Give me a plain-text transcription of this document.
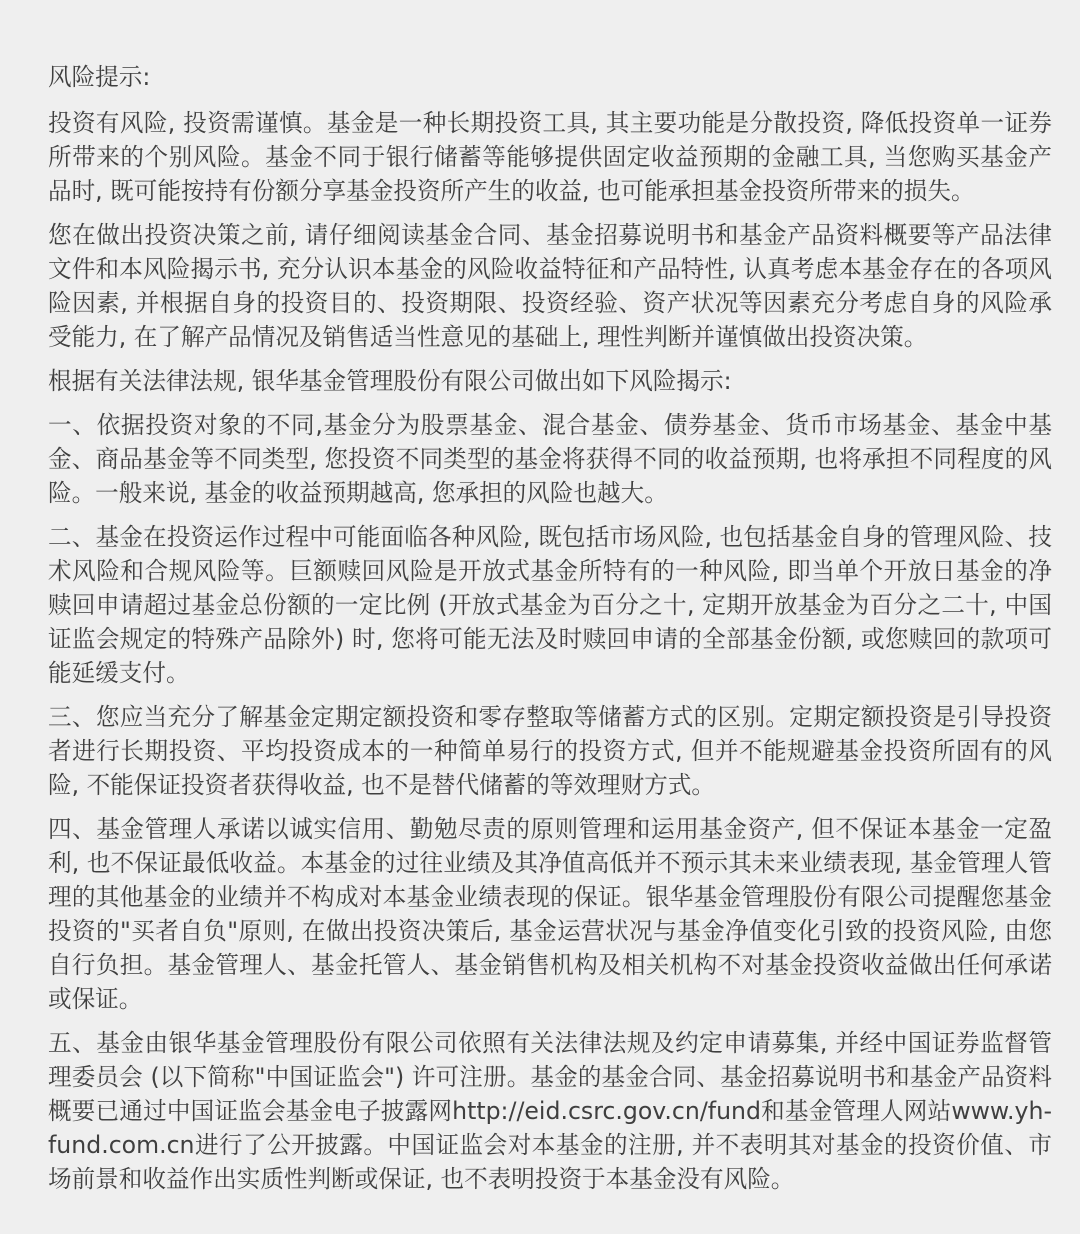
风险提示:

投资有风险, 投资需谨慎。基金是一种长期投资工具, 其主要功能是分散投资, 降低投资单一证券所带来的个别风险。基金不同于银行储蓄等能够提供固定收益预期的金融工具, 当您购买基金产品时, 既可能按持有份额分享基金投资所产生的收益, 也可能承担基金投资所带来的损失。

您在做出投资决策之前, 请仔细阅读基金合同、基金招募说明书和基金产品资料概要等产品法律文件和本风险揭示书, 充分认识本基金的风险收益特征和产品特性, 认真考虑本基金存在的各项风险因素, 并根据自身的投资目的、投资期限、投资经验、资产状况等因素充分考虑自身的风险承受能力, 在了解产品情况及销售适当性意见的基础上, 理性判断并谨慎做出投资决策。

根据有关法律法规, 银华基金管理股份有限公司做出如下风险揭示:

一、依据投资对象的不同,基金分为股票基金、混合基金、债券基金、货币市场基金、基金中基金、商品基金等不同类型, 您投资不同类型的基金将获得不同的收益预期, 也将承担不同程度的风险。一般来说, 基金的收益预期越高, 您承担的风险也越大。

二、基金在投资运作过程中可能面临各种风险, 既包括市场风险, 也包括基金自身的管理风险、技术风险和合规风险等。巨额赎回风险是开放式基金所特有的一种风险, 即当单个开放日基金的净赎回申请超过基金总份额的一定比例 (开放式基金为百分之十, 定期开放基金为百分之二十, 中国证监会规定的特殊产品除外) 时, 您将可能无法及时赎回申请的全部基金份额, 或您赎回的款项可能延缓支付。

三、您应当充分了解基金定期定额投资和零存整取等储蓄方式的区别。定期定额投资是引导投资者进行长期投资、平均投资成本的一种简单易行的投资方式, 但并不能规避基金投资所固有的风险, 不能保证投资者获得收益, 也不是替代储蓄的等效理财方式。

四、基金管理人承诺以诚实信用、勤勉尽责的原则管理和运用基金资产, 但不保证本基金一定盈利, 也不保证最低收益。本基金的过往业绩及其净值高低并不预示其未来业绩表现, 基金管理人管理的其他基金的业绩并不构成对本基金业绩表现的保证。银华基金管理股份有限公司提醒您基金投资的"买者自负"原则, 在做出投资决策后, 基金运营状况与基金净值变化引致的投资风险, 由您自行负担。基金管理人、基金托管人、基金销售机构及相关机构不对基金投资收益做出任何承诺或保证。

五、基金由银华基金管理股份有限公司依照有关法律法规及约定申请募集, 并经中国证券监督管理委员会 (以下简称"中国证监会") 许可注册。基金的基金合同、基金招募说明书和基金产品资料概要已通过中国证监会基金电子披露网http://eid.csrc.gov.cn/fund和基金管理人网站www.yh-fund.com.cn进行了公开披露。中国证监会对本基金的注册, 并不表明其对基金的投资价值、市场前景和收益作出实质性判断或保证, 也不表明投资于本基金没有风险。
